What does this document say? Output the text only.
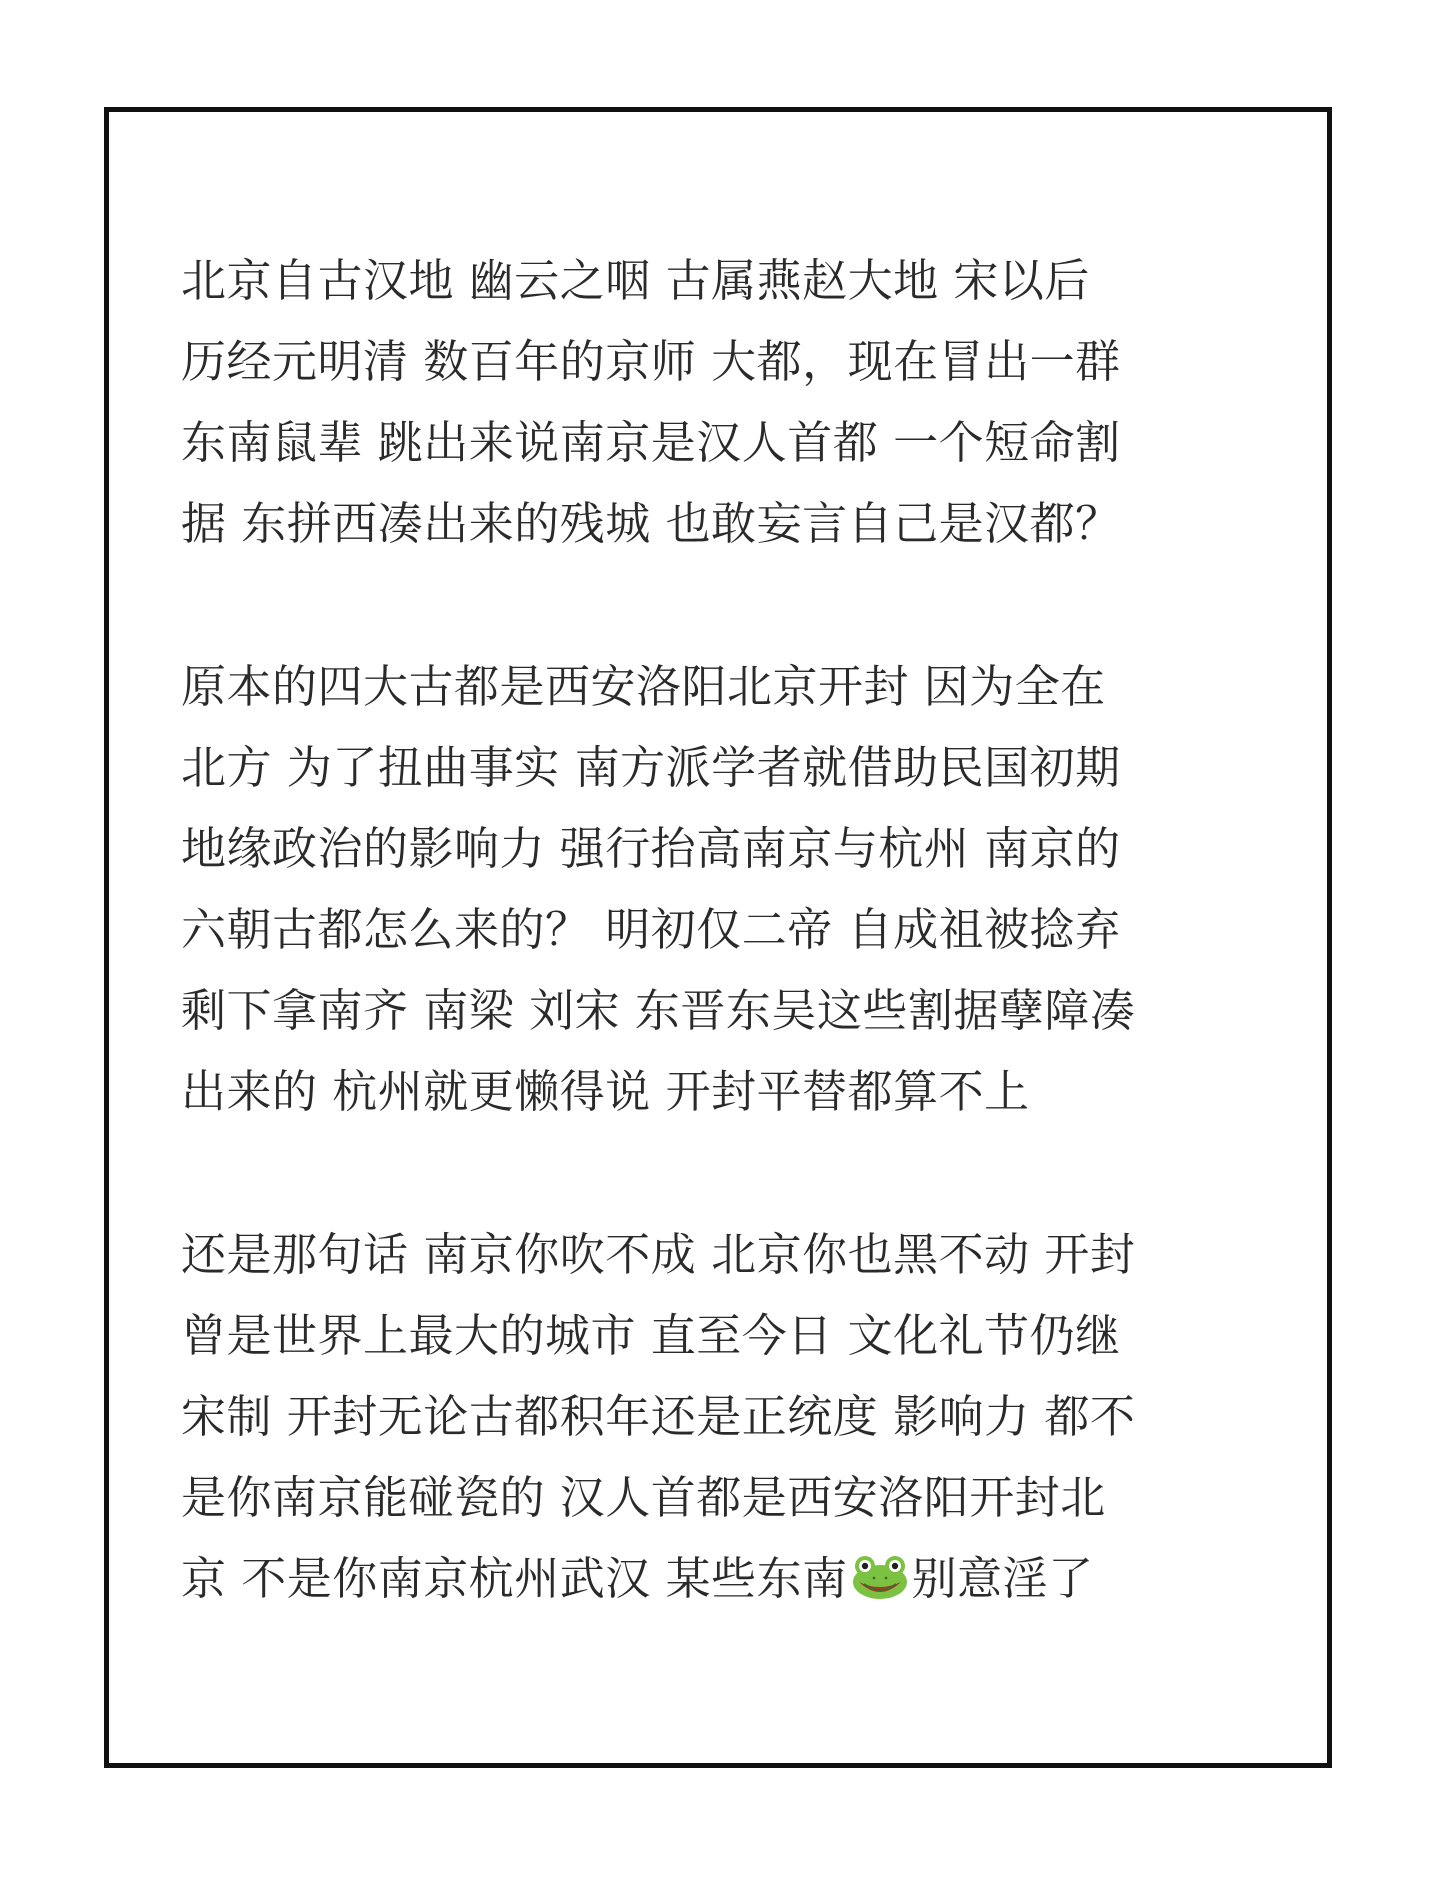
北京自古汉地 幽云之咽 古属燕赵大地 宋以后
历经元明清 数百年的京师 大都，现在冒出一群
东南鼠辈 跳出来说南京是汉人首都 一个短命割
据 东拼西凑出来的残城 也敢妄言自己是汉都？
原本的四大古都是西安洛阳北京开封 因为全在
北方 为了扭曲事实 南方派学者就借助民国初期
地缘政治的影响力 强行抬高南京与杭州 南京的
六朝古都怎么来的？ 明初仅二帝 自成祖被捻弃
剩下拿南齐 南梁 刘宋 东晋东吴这些割据孽障凑
出来的 杭州就更懒得说 开封平替都算不上
还是那句话 南京你吹不成 北京你也黑不动 开封
曾是世界上最大的城市 直至今日 文化礼节仍继
宋制 开封无论古都积年还是正统度 影响力 都不
是你南京能碰瓷的 汉人首都是西安洛阳开封北
京 不是你南京杭州武汉 某些东南 别意淫了
